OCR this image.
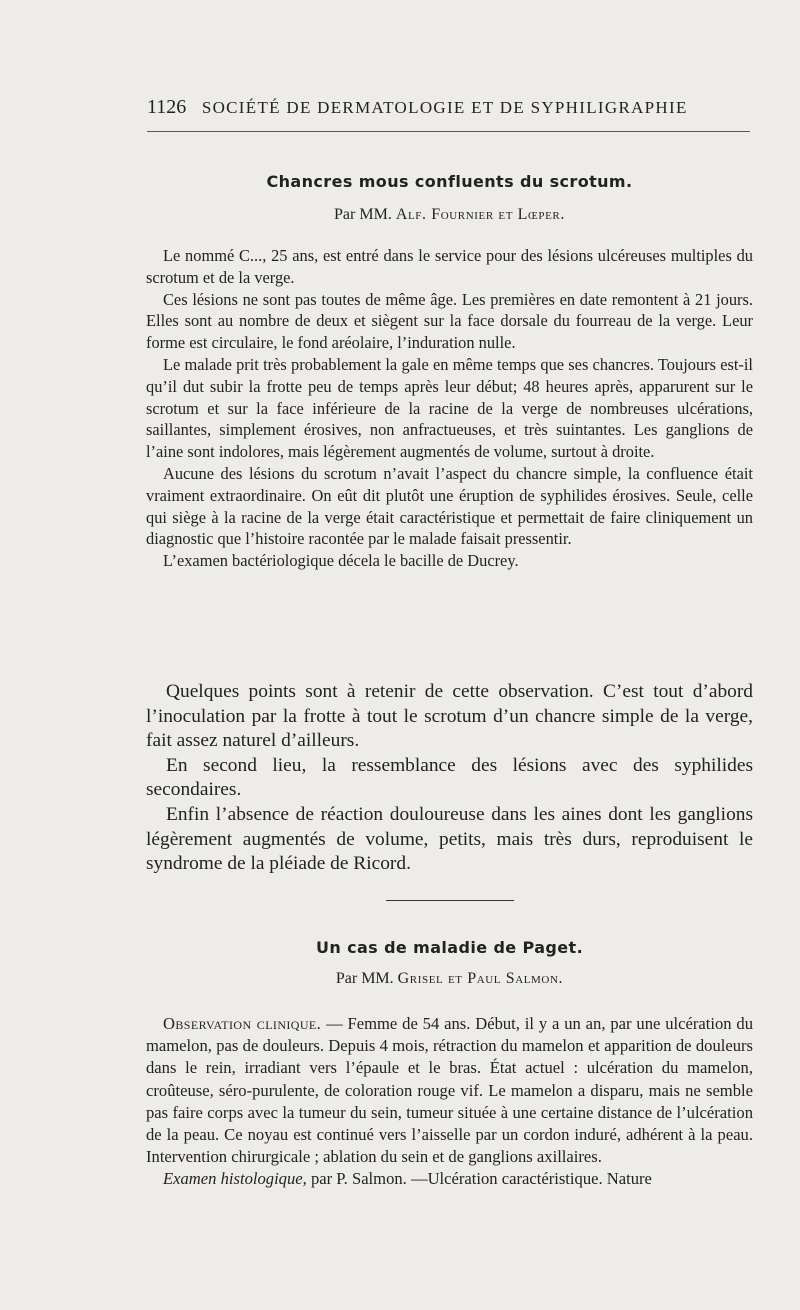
1126 SOCIÉTÉ DE DERMATOLOGIE ET DE SYPHILIGRAPHIE
Chancres mous confluents du scrotum.
Par MM. Alf. Fournier et Lœper.

Le nommé C..., 25 ans, est entré dans le service pour des lésions ulcéreuses multiples du scrotum et de la verge.

Ces lésions ne sont pas toutes de même âge. Les premières en date remontent à 21 jours. Elles sont au nombre de deux et siègent sur la face dorsale du fourreau de la verge. Leur forme est circulaire, le fond aréolaire, l’induration nulle.

Le malade prit très probablement la gale en même temps que ses chancres. Toujours est-il qu’il dut subir la frotte peu de temps après leur début; 48 heures après, apparurent sur le scrotum et sur la face inférieure de la racine de la verge de nombreuses ulcérations, saillantes, simplement érosives, non anfractueuses, et très suintantes. Les ganglions de l’aine sont indolores, mais légèrement augmentés de volume, surtout à droite.

Aucune des lésions du scrotum n’avait l’aspect du chancre simple, la confluence était vraiment extraordinaire. On eût dit plutôt une éruption de syphilides érosives. Seule, celle qui siège à la racine de la verge était caractéristique et permettait de faire cliniquement un diagnostic que l’histoire racontée par le malade faisait pressentir.

L’examen bactériologique décela le bacille de Ducrey.

Quelques points sont à retenir de cette observation. C’est tout d’abord l’inoculation par la frotte à tout le scrotum d’un chancre simple de la verge, fait assez naturel d’ailleurs.

En second lieu, la ressemblance des lésions avec des syphilides secondaires.

Enfin l’absence de réaction douloureuse dans les aines dont les ganglions légèrement augmentés de volume, petits, mais très durs, reproduisent le syndrome de la pléiade de Ricord.

Un cas de maladie de Paget.
Par MM. Grisel et Paul Salmon.

Observation clinique. — Femme de 54 ans. Début, il y a un an, par une ulcération du mamelon, pas de douleurs. Depuis 4 mois, rétraction du mamelon et apparition de douleurs dans le rein, irradiant vers l’épaule et le bras. État actuel : ulcération du mamelon, croûteuse, séro-purulente, de coloration rouge vif. Le mamelon a disparu, mais ne semble pas faire corps avec la tumeur du sein, tumeur située à une certaine distance de l’ulcération de la peau. Ce noyau est continué vers l’aisselle par un cordon induré, adhérent à la peau. Intervention chirurgicale ; ablation du sein et de ganglions axillaires.

Examen histologique, par P. Salmon. —Ulcération caractéristique. Nature
